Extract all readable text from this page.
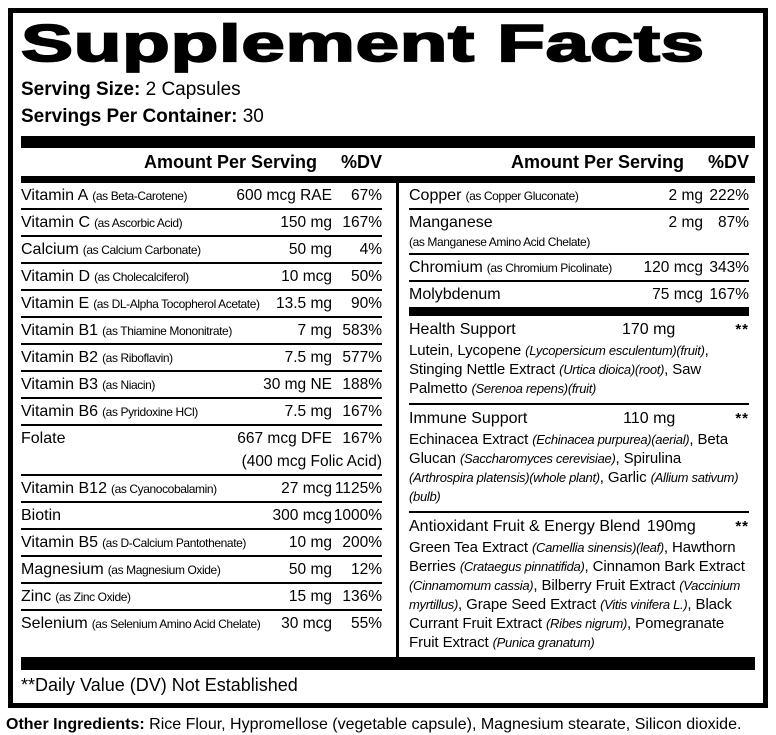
Supplement Facts
Serving Size: 2 Capsules
Servings Per Container: 30
Amount Per Serving %DV	Amount Per Serving %DV
Vitamin A (as Beta-Carotene)	600 mcg RAE	67%
Vitamin C (as Ascorbic Acid)	150 mg 167%
Calcium (as Calcium Carbonate)	50 mg	4%
Vitamin D (as Cholecalciferol)	10 mcg	50%
Vitamin E (as DL-Alpha Tocopherol Acetate) 13.5 mg	90%
Vitamin B1 (as Thiamine Mononitrate)	7 mg 583%
Vitamin B2 (as Riboflavin)	7.5 mg 577%
Vitamin B3 (as Niacin)	30 mg NE 188%
Vitamin B6 (as Pyridoxine HCl)	7.5 mg 167%
Folate	667 mcg DFE 167%
(400 mcg Folic Acid)
Vitamin B12 (as Cyanocobalamin)	27 mcg 1125%
Biotin	300 mcg 1000%
Vitamin B5 (as D-Calcium Pantothenate)	10 mg 200%
Magnesium (as Magnesium Oxide)	50 mg	12%
Zinc (as Zinc Oxide)	15 mg 136%
Selenium (as Selenium Amino Acid Chelate) 30 mcg	55%
Copper (as Copper Gluconate)	2 mg 222%
Manganese	2 mg 87%
(as Manganese Amino Acid Chelate)
Chromium (as Chromium Picolinate) 120 mcg 343%
Molybdenum	75 mcg 167%
Health Support	170 mg	**
Lutein, Lycopene (Lycopersicum esculentum)(fruit), Stinging Nettle Extract (Urtica dioica)(root), Saw Palmetto (Serenoa repens)(fruit)
Immune Support	110 mg	**
Echinacea Extract (Echinacea purpurea)(aerial), Beta Glucan (Saccharomyces cerevisiae), Spirulina (Arthrospira platensis)(whole plant), Garlic (Allium sativum)(bulb)
Antioxidant Fruit & Energy Blend 190mg	**
Green Tea Extract (Camellia sinensis)(leaf), Hawthorn Berries (Crataegus pinnatifida), Cinnamon Bark Extract (Cinnamomum cassia), Bilberry Fruit Extract (Vaccinium myrtillus), Grape Seed Extract (Vitis vinifera L.), Black Currant Fruit Extract (Ribes nigrum), Pomegranate Fruit Extract (Punica granatum)
**Daily Value (DV) Not Established
Other Ingredients: Rice Flour, Hypromellose (vegetable capsule), Magnesium stearate, Silicon dioxide.
